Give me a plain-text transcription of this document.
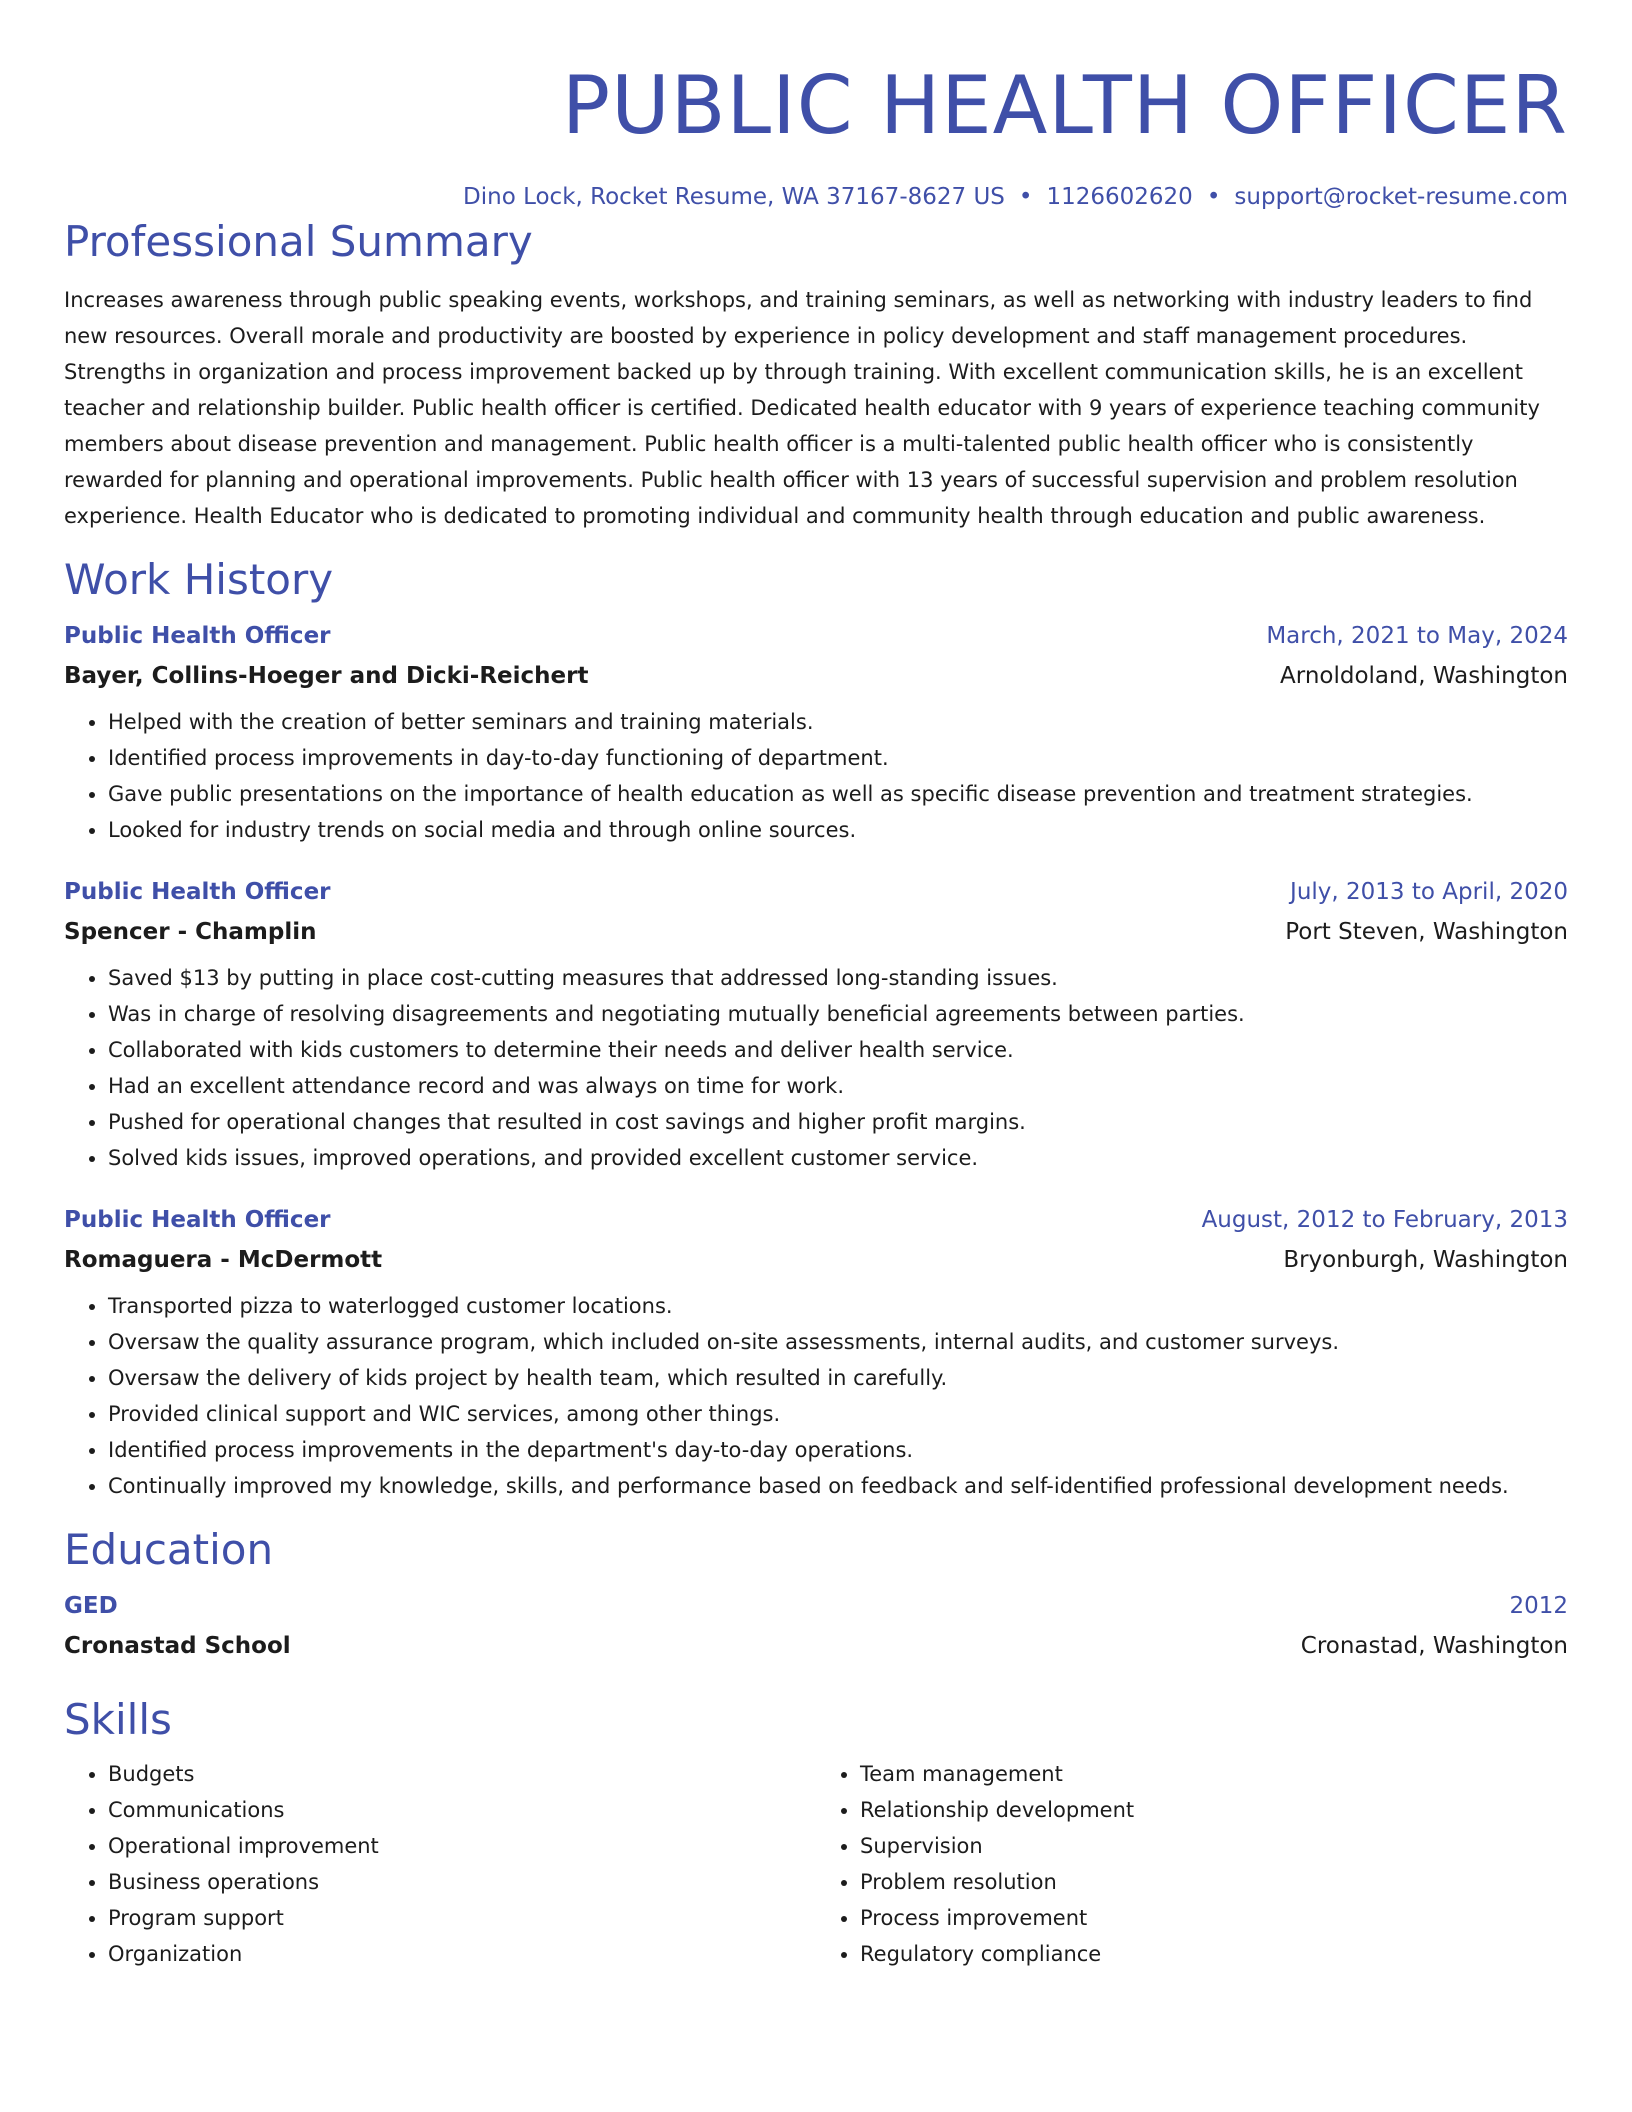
PUBLIC HEALTH OFFICER
Dino Lock, Rocket Resume, WA 37167-8627 US • 1126602620 • support@rocket-resume.com
Professional Summary

Increases awareness through public speaking events, workshops, and training seminars, as well as networking with industry leaders to find new resources. Overall morale and productivity are boosted by experience in policy development and staff management procedures. Strengths in organization and process improvement backed up by through training. With excellent communication skills, he is an excellent teacher and relationship builder. Public health officer is certified. Dedicated health educator with 9 years of experience teaching community members about disease prevention and management. Public health officer is a multi-talented public health officer who is consistently rewarded for planning and operational improvements. Public health officer with 13 years of successful supervision and problem resolution experience. Health Educator who is dedicated to promoting individual and community health through education and public awareness.

Work History
Public Health Officer	March, 2021 to May, 2024
Bayer, Collins-Hoeger and Dicki-Reichert	Arnoldoland, Washington
• Helped with the creation of better seminars and training materials.
• Identified process improvements in day-to-day functioning of department.
• Gave public presentations on the importance of health education as well as specific disease prevention and treatment strategies.
• Looked for industry trends on social media and through online sources.
Public Health Officer	July, 2013 to April, 2020
Spencer - Champlin	Port Steven, Washington
• Saved $13 by putting in place cost-cutting measures that addressed long-standing issues.
• Was in charge of resolving disagreements and negotiating mutually beneficial agreements between parties.
• Collaborated with kids customers to determine their needs and deliver health service.
• Had an excellent attendance record and was always on time for work.
• Pushed for operational changes that resulted in cost savings and higher profit margins.
• Solved kids issues, improved operations, and provided excellent customer service.
Public Health Officer	August, 2012 to February, 2013
Romaguera - McDermott	Bryonburgh, Washington
• Transported pizza to waterlogged customer locations.
• Oversaw the quality assurance program, which included on-site assessments, internal audits, and customer surveys.
• Oversaw the delivery of kids project by health team, which resulted in carefully.
• Provided clinical support and WIC services, among other things.
• Identified process improvements in the department's day-to-day operations.
• Continually improved my knowledge, skills, and performance based on feedback and self-identified professional development needs.
Education
GED	2012
Cronastad School	Cronastad, Washington
Skills
• Budgets
• Communications
• Operational improvement
• Business operations
• Program support
• Organization
• Team management
• Relationship development
• Supervision
• Problem resolution
• Process improvement
• Regulatory compliance
